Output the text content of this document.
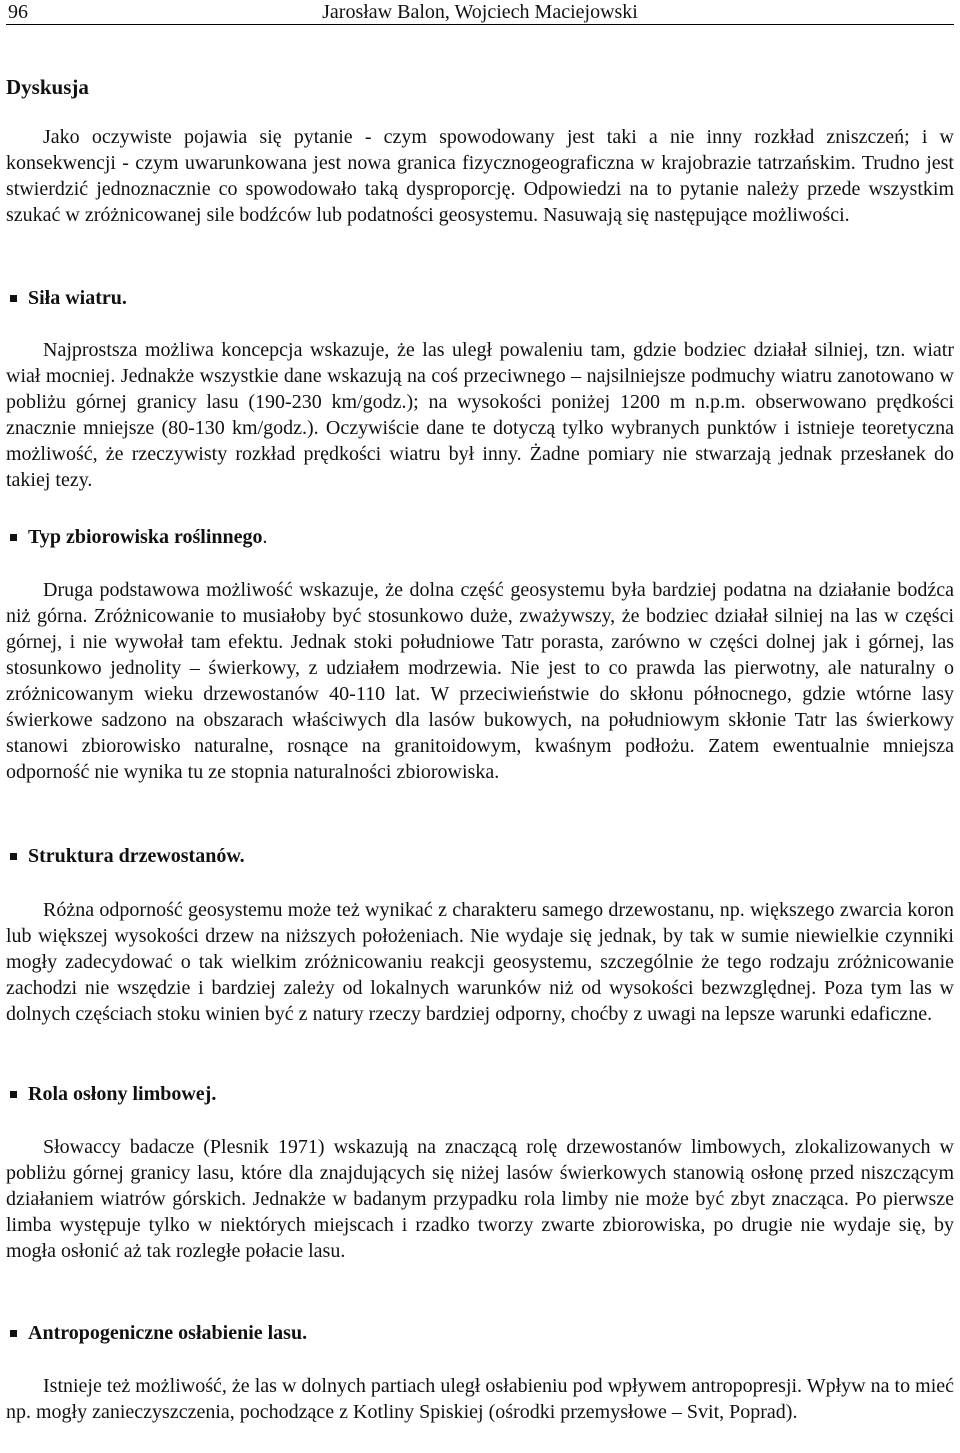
96	Jarosław Balon, Wojciech Maciejowski
Dyskusja

Jako oczywiste pojawia się pytanie - czym spowodowany jest taki a nie inny rozkład zniszczeń; i w konsekwencji - czym uwarunkowana jest nowa granica fizycznogeograficzna w krajobrazie tatrzańskim. Trudno jest stwierdzić jednoznacznie co spowodowało taką dysproporcję. Odpowiedzi na to pytanie należy przede wszystkim szukać w zróżnicowanej sile bodźców lub podatności geosystemu. Nasuwają się następujące możliwości.

Siła wiatru.

Najprostsza możliwa koncepcja wskazuje, że las uległ powaleniu tam, gdzie bodziec działał silniej, tzn. wiatr wiał mocniej. Jednakże wszystkie dane wskazują na coś przeciwnego – najsilniejsze podmuchy wiatru zanotowano w pobliżu górnej granicy lasu (190-230 km/godz.); na wysokości poniżej 1200 m n.p.m. obserwowano prędkości znacznie mniejsze (80-130 km/godz.). Oczywiście dane te dotyczą tylko wybranych punktów i istnieje teoretyczna możliwość, że rzeczywisty rozkład prędkości wiatru był inny. Żadne pomiary nie stwarzają jednak przesłanek do takiej tezy.

Typ zbiorowiska roślinnego .

Druga podstawowa możliwość wskazuje, że dolna część geosystemu była bardziej podatna na działanie bodźca niż górna. Zróżnicowanie to musiałoby być stosunkowo duże, zważywszy, że bodziec działał silniej na las w części górnej, i nie wywołał tam efektu. Jednak stoki południowe Tatr porasta, zarówno w części dolnej jak i górnej, las stosunkowo jednolity – świerkowy, z udziałem modrzewia. Nie jest to co prawda las pierwotny, ale naturalny o zróżnicowanym wieku drzewostanów 40-110 lat. W przeciwieństwie do skłonu północnego, gdzie wtórne lasy świerkowe sadzono na obszarach właściwych dla lasów bukowych, na południowym skłonie Tatr las świerkowy stanowi zbiorowisko naturalne, rosnące na granitoidowym, kwaśnym podłożu. Zatem ewentualnie mniejsza odporność nie wynika tu ze stopnia naturalności zbiorowiska.

Struktura drzewostanów.

Różna odporność geosystemu może też wynikać z charakteru samego drzewostanu, np. większego zwarcia koron lub większej wysokości drzew na niższych położeniach. Nie wydaje się jednak, by tak w sumie niewielkie czynniki mogły zadecydować o tak wielkim zróżnicowaniu reakcji geosystemu, szczególnie że tego rodzaju zróżnicowanie zachodzi nie wszędzie i bardziej zależy od lokalnych warunków niż od wysokości bezwzględnej. Poza tym las w dolnych częściach stoku winien być z natury rzeczy bardziej odporny, choćby z uwagi na lepsze warunki edaficzne.

Rola osłony limbowej.

Słowaccy badacze (Plesnik 1971) wskazują na znaczącą rolę drzewostanów limbowych, zlokalizowanych w pobliżu górnej granicy lasu, które dla znajdujących się niżej lasów świerkowych stanowią osłonę przed niszczącym działaniem wiatrów górskich. Jednakże w badanym przypadku rola limby nie może być zbyt znacząca. Po pierwsze limba występuje tylko w niektórych miejscach i rzadko tworzy zwarte zbiorowiska, po drugie nie wydaje się, by mogła osłonić aż tak rozległe połacie lasu.

Antropogeniczne osłabienie lasu.

Istnieje też możliwość, że las w dolnych partiach uległ osłabieniu pod wpływem antropopresji. Wpływ na to mieć np. mogły zanieczyszczenia, pochodzące z Kotliny Spiskiej (ośrodki przemysłowe – Svit, Poprad).
